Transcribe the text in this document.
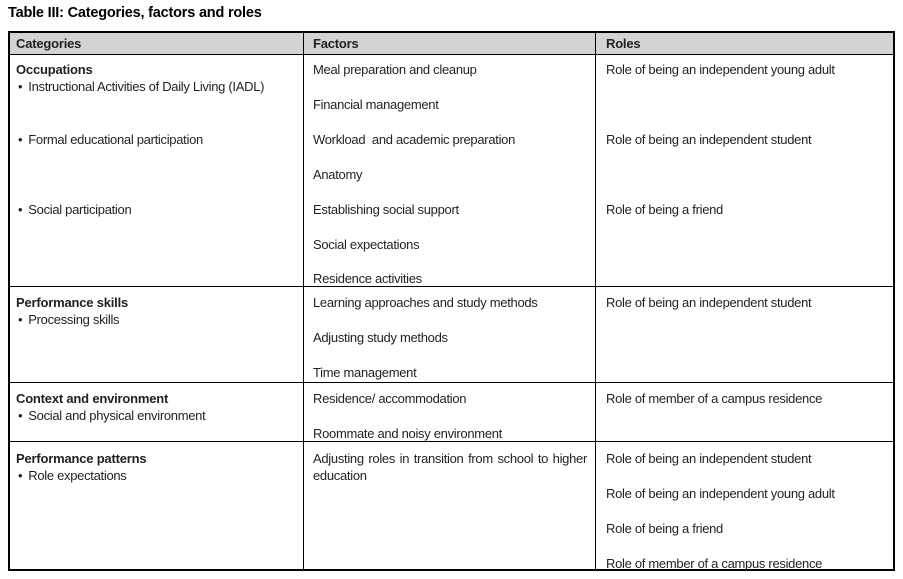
Table III: Categories, factors and roles
Categories	Factors	Roles
Occupations
• Instructional Activities of Daily Living (IADL)
• Formal educational participation
• Social participation
Meal preparation and cleanup
Financial management
Workload  and academic preparation
Anatomy
Establishing social support
Social expectations
Residence activities
Role of being an independent young adult
Role of being an independent student
Role of being a friend
Performance skills
• Processing skills
Learning approaches and study methods
Adjusting study methods
Time management
Role of being an independent student
Context and environment
• Social and physical environment
Residence/ accommodation
Roommate and noisy environment
Role of member of a campus residence
Performance patterns
• Role expectations
Adjusting roles in transition from school to higher education
Role of being an independent student
Role of being an independent young adult
Role of being a friend
Role of member of a campus residence
